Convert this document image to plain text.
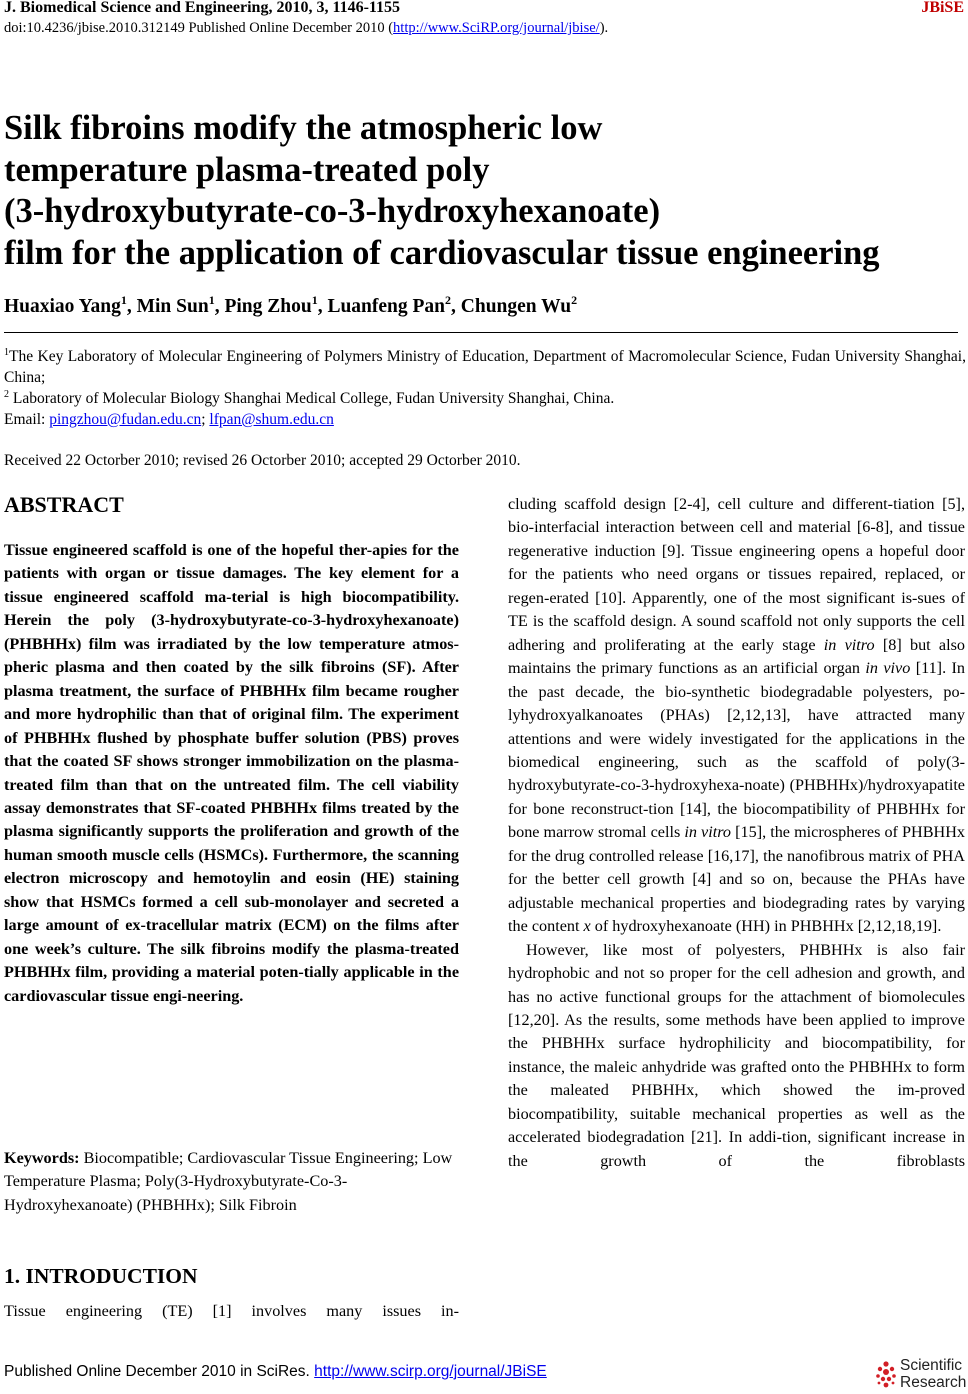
J. Biomedical Science and Engineering, 2010, 3, 1146-1155	JBiSE
doi:10.4236/jbise.2010.312149 Published Online December 2010 (http://www.SciRP.org/journal/jbise/).
Silk fibroins modify the atmospheric low
temperature plasma-treated poly
(3-hydroxybutyrate-co-3-hydroxyhexanoate)
film for the application of cardiovascular tissue engineering
Huaxiao Yang$^1$, Min Sun$^1$, Ping Zhou$^1$, Luanfeng Pan$^2$, Chungen Wu$^2$
$^1$The Key Laboratory of Molecular Engineering of Polymers Ministry of Education, Department of Macromolecular Science, Fudan University Shanghai, China;
$^2$ Laboratory of Molecular Biology Shanghai Medical College, Fudan University Shanghai, China.
Email: pingzhou@fudan.edu.cn; lfpan@shum.edu.cn
Received 22 Octorber 2010; revised 26 Octorber 2010; accepted 29 Octorber 2010.
ABSTRACT

Tissue engineered scaffold is one of the hopeful ther-apies for the patients with organ or tissue damages. The key element for a tissue engineered scaffold ma-terial is high biocompatibility. Herein the poly (3-hydroxybutyrate-co-3-hydroxyhexanoate) (PHBHHx) film was irradiated by the low temperature atmos-pheric plasma and then coated by the silk fibroins (SF). After plasma treatment, the surface of PHBHHx film became rougher and more hydrophilic than that of original film. The experiment of PHBHHx flushed by phosphate buffer solution (PBS) proves that the coated SF shows stronger immobilization on the plasma-treated film than that on the untreated film. The cell viability assay demonstrates that SF-coated PHBHHx films treated by the plasma significantly supports the proliferation and growth of the human smooth muscle cells (HSMCs). Furthermore, the scanning electron microscopy and hemotoylin and eosin (HE) staining show that HSMCs formed a cell sub-monolayer and secreted a large amount of ex-tracellular matrix (ECM) on the films after one week’s culture. The silk fibroins modify the plasma-treated PHBHHx film, providing a material poten-tially applicable in the cardiovascular tissue engi-neering.

Keywords: Biocompatible; Cardiovascular Tissue Engineering; Low Temperature Plasma; Poly(3-Hydroxybutyrate-Co-3-Hydroxyhexanoate) (PHBHHx); Silk Fibroin
1. INTRODUCTION

Tissue engineering (TE) [1] involves many issues in-

cluding scaffold design [2-4], cell culture and different-tiation [5], bio-interfacial interaction between cell and material [6-8], and tissue regenerative induction [9]. Tissue engineering opens a hopeful door for the patients who need organs or tissues repaired, replaced, or regen-erated [10]. Apparently, one of the most significant is-sues of TE is the scaffold design. A sound scaffold not only supports the cell adhering and proliferating at the early stage in vitro [8] but also maintains the primary functions as an artificial organ in vivo [11]. In the past decade, the bio-synthetic biodegradable polyesters, po-lyhydroxyalkanoates (PHAs) [2,12,13], have attracted many attentions and were widely investigated for the applications in the biomedical engineering, such as the scaffold of poly(3-hydroxybutyrate-co-3-hydroxyhexa-noate) (PHBHHx)/hydroxyapatite for bone reconstruct-tion [14], the biocompatibility of PHBHHx for bone marrow stromal cells in vitro [15], the microspheres of PHBHHx for the drug controlled release [16,17], the nanofibrous matrix of PHA for the better cell growth [4] and so on, because the PHAs have adjustable mechanical properties and biodegrading rates by varying the content x of hydroxyhexanoate (HH) in PHBHHx [2,12,18,19].

However, like most of polyesters, PHBHHx is also fair hydrophobic and not so proper for the cell adhesion and growth, and has no active functional groups for the attachment of biomolecules [12,20]. As the results, some methods have been applied to improve the PHBHHx surface hydrophilicity and biocompatibility, for instance, the maleic anhydride was grafted onto the PHBHHx to form the maleated PHBHHx, which showed the im-proved biocompatibility, suitable mechanical properties as well as the accelerated biodegradation [21]. In addi-tion, significant increase in the growth of the fibroblasts

Published Online December 2010 in SciRes. http://www.scirp.org/journal/JBiSE	Scientific
Research
